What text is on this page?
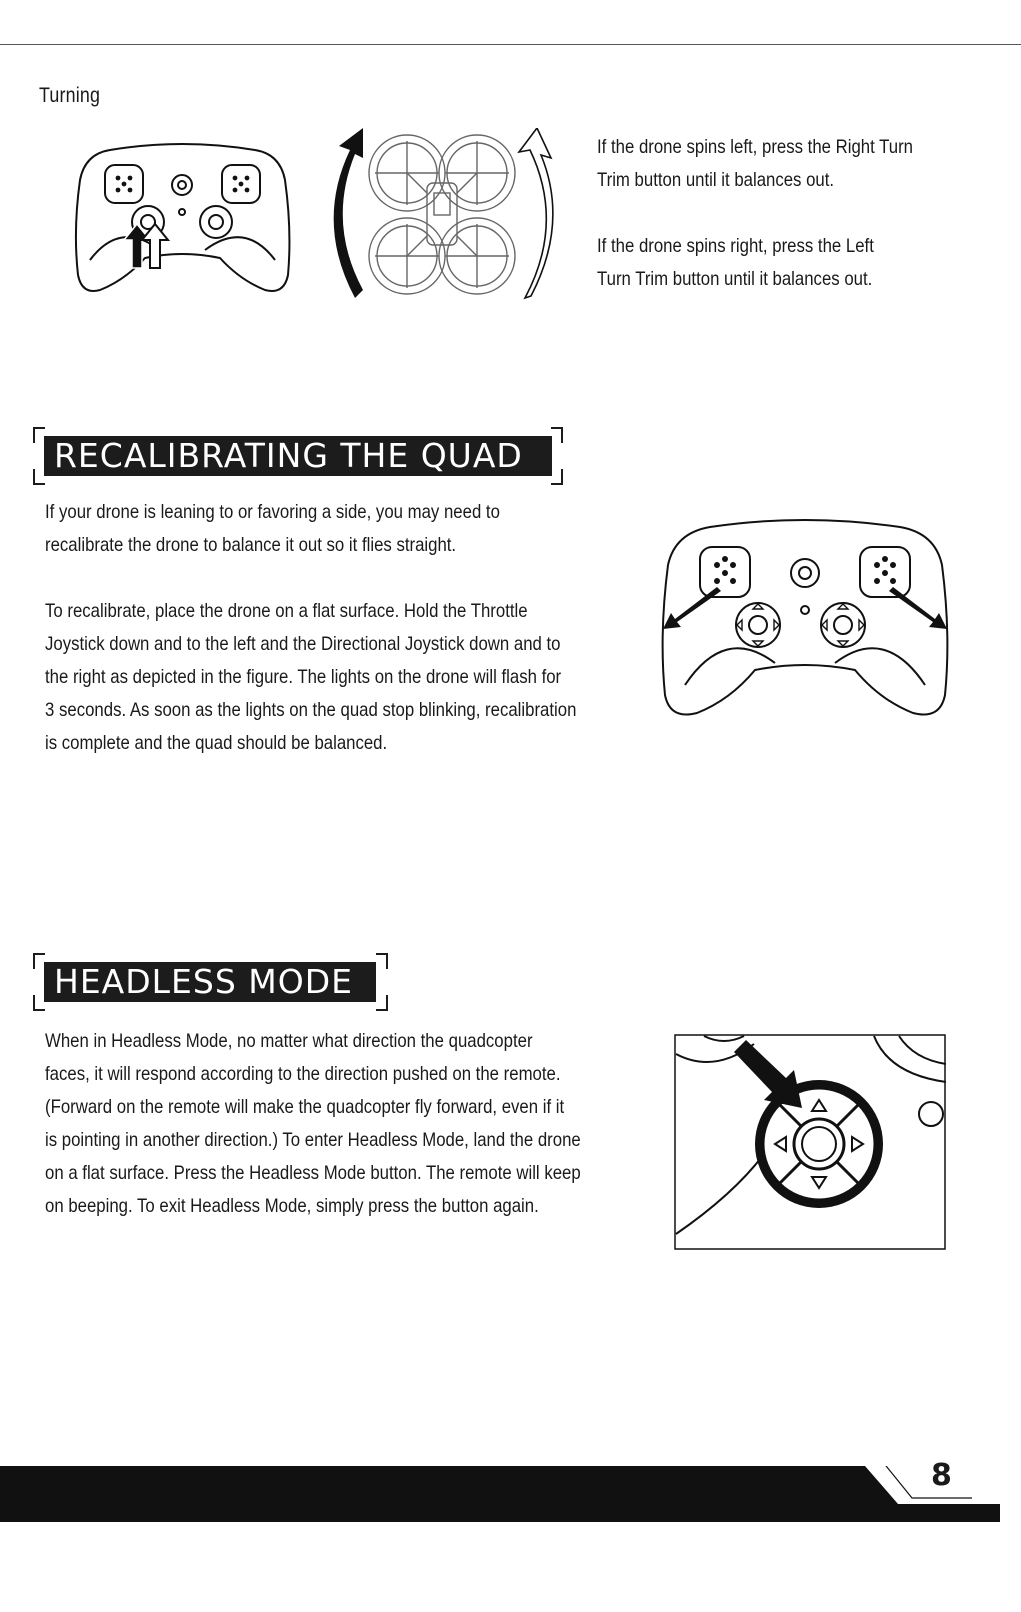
Turning
If the drone spins left, press the Right Turn
Trim button until it balances out.

If the drone spins right, press the Left
Turn Trim button until it balances out.
RECALIBRATING THE QUAD
If your drone is leaning to or favoring a side, you may need to
recalibrate the drone to balance it out so it flies straight.

To recalibrate, place the drone on a flat surface. Hold the Throttle
Joystick down and to the left and the Directional Joystick down and to
the right as depicted in the figure. The lights on the drone will flash for
3 seconds. As soon as the lights on the quad stop blinking, recalibration
is complete and the quad should be balanced.
HEADLESS MODE
When in Headless Mode, no matter what direction the quadcopter
faces, it will respond according to the direction pushed on the remote.
(Forward on the remote will make the quadcopter fly forward, even if it
is pointing in another direction.) To enter Headless Mode, land the drone
on a flat surface. Press the Headless Mode button. The remote will keep
on beeping. To exit Headless Mode, simply press the button again.
8
